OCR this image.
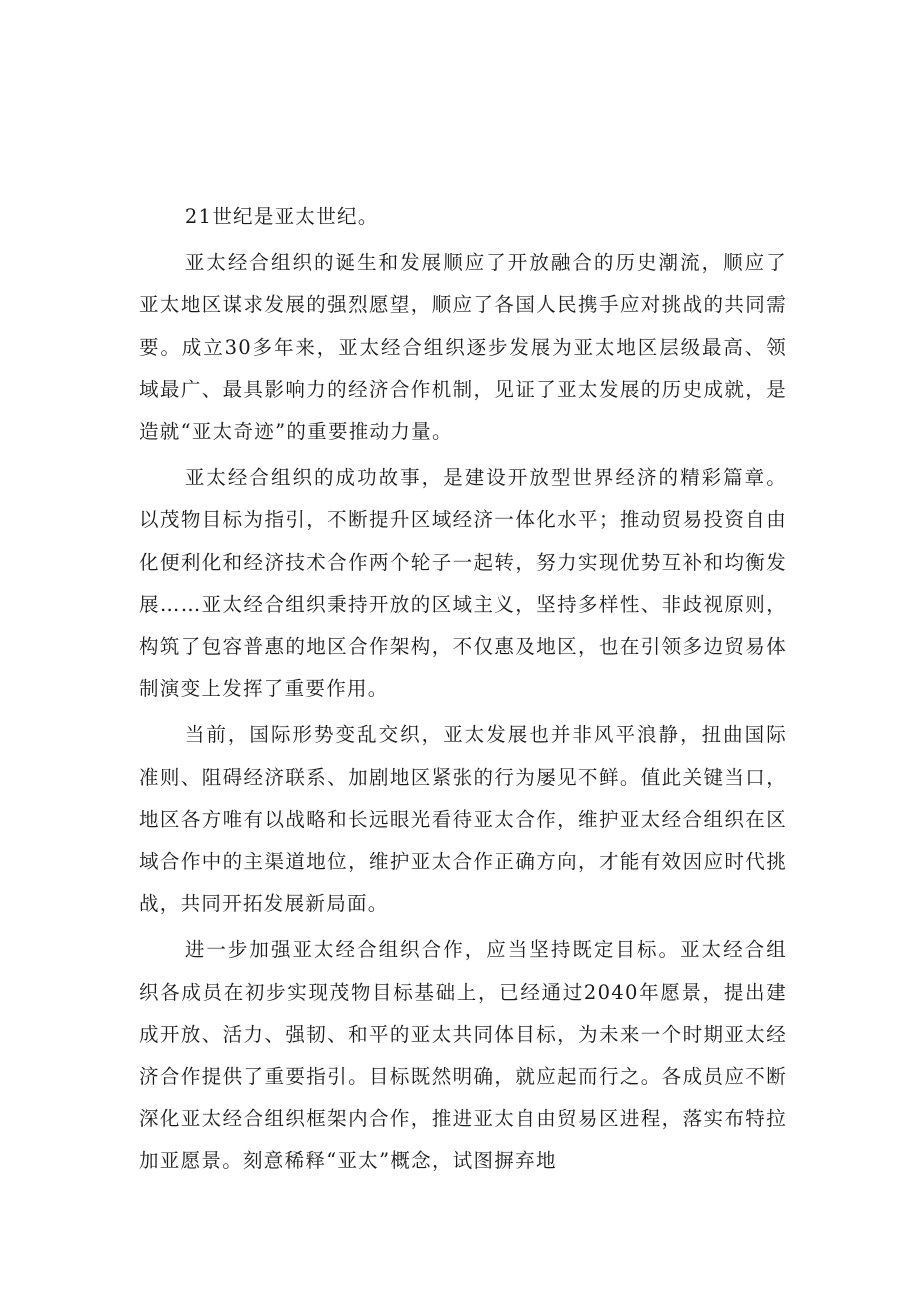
21世纪是亚太世纪。

亚太经合组织的诞生和发展顺应了开放融合的历史潮流，顺应了亚太地区谋求发展的强烈愿望，顺应了各国人民携手应对挑战的共同需要。成立30多年来，亚太经合组织逐步发展为亚太地区层级最高、领域最广、最具影响力的经济合作机制，见证了亚太发展的历史成就，是造就“亚太奇迹”的重要推动力量。

亚太经合组织的成功故事，是建设开放型世界经济的精彩篇章。以茂物目标为指引，不断提升区域经济一体化水平；推动贸易投资自由化便利化和经济技术合作两个轮子一起转，努力实现优势互补和均衡发展……亚太经合组织秉持开放的区域主义，坚持多样性、非歧视原则，构筑了包容普惠的地区合作架构，不仅惠及地区，也在引领多边贸易体制演变上发挥了重要作用。

当前，国际形势变乱交织，亚太发展也并非风平浪静，扭曲国际准则、阻碍经济联系、加剧地区紧张的行为屡见不鲜。值此关键当口，地区各方唯有以战略和长远眼光看待亚太合作，维护亚太经合组织在区域合作中的主渠道地位，维护亚太合作正确方向，才能有效因应时代挑战，共同开拓发展新局面。

进一步加强亚太经合组织合作，应当坚持既定目标。亚太经合组织各成员在初步实现茂物目标基础上，已经通过2040年愿景，提出建成开放、活力、强韧、和平的亚太共同体目标，为未来一个时期亚太经济合作提供了重要指引。目标既然明确，就应起而行之。各成员应不断深化亚太经合组织框架内合作，推进亚太自由贸易区进程，落实布特拉加亚愿景。刻意稀释“亚太”概念，试图摒弃地
